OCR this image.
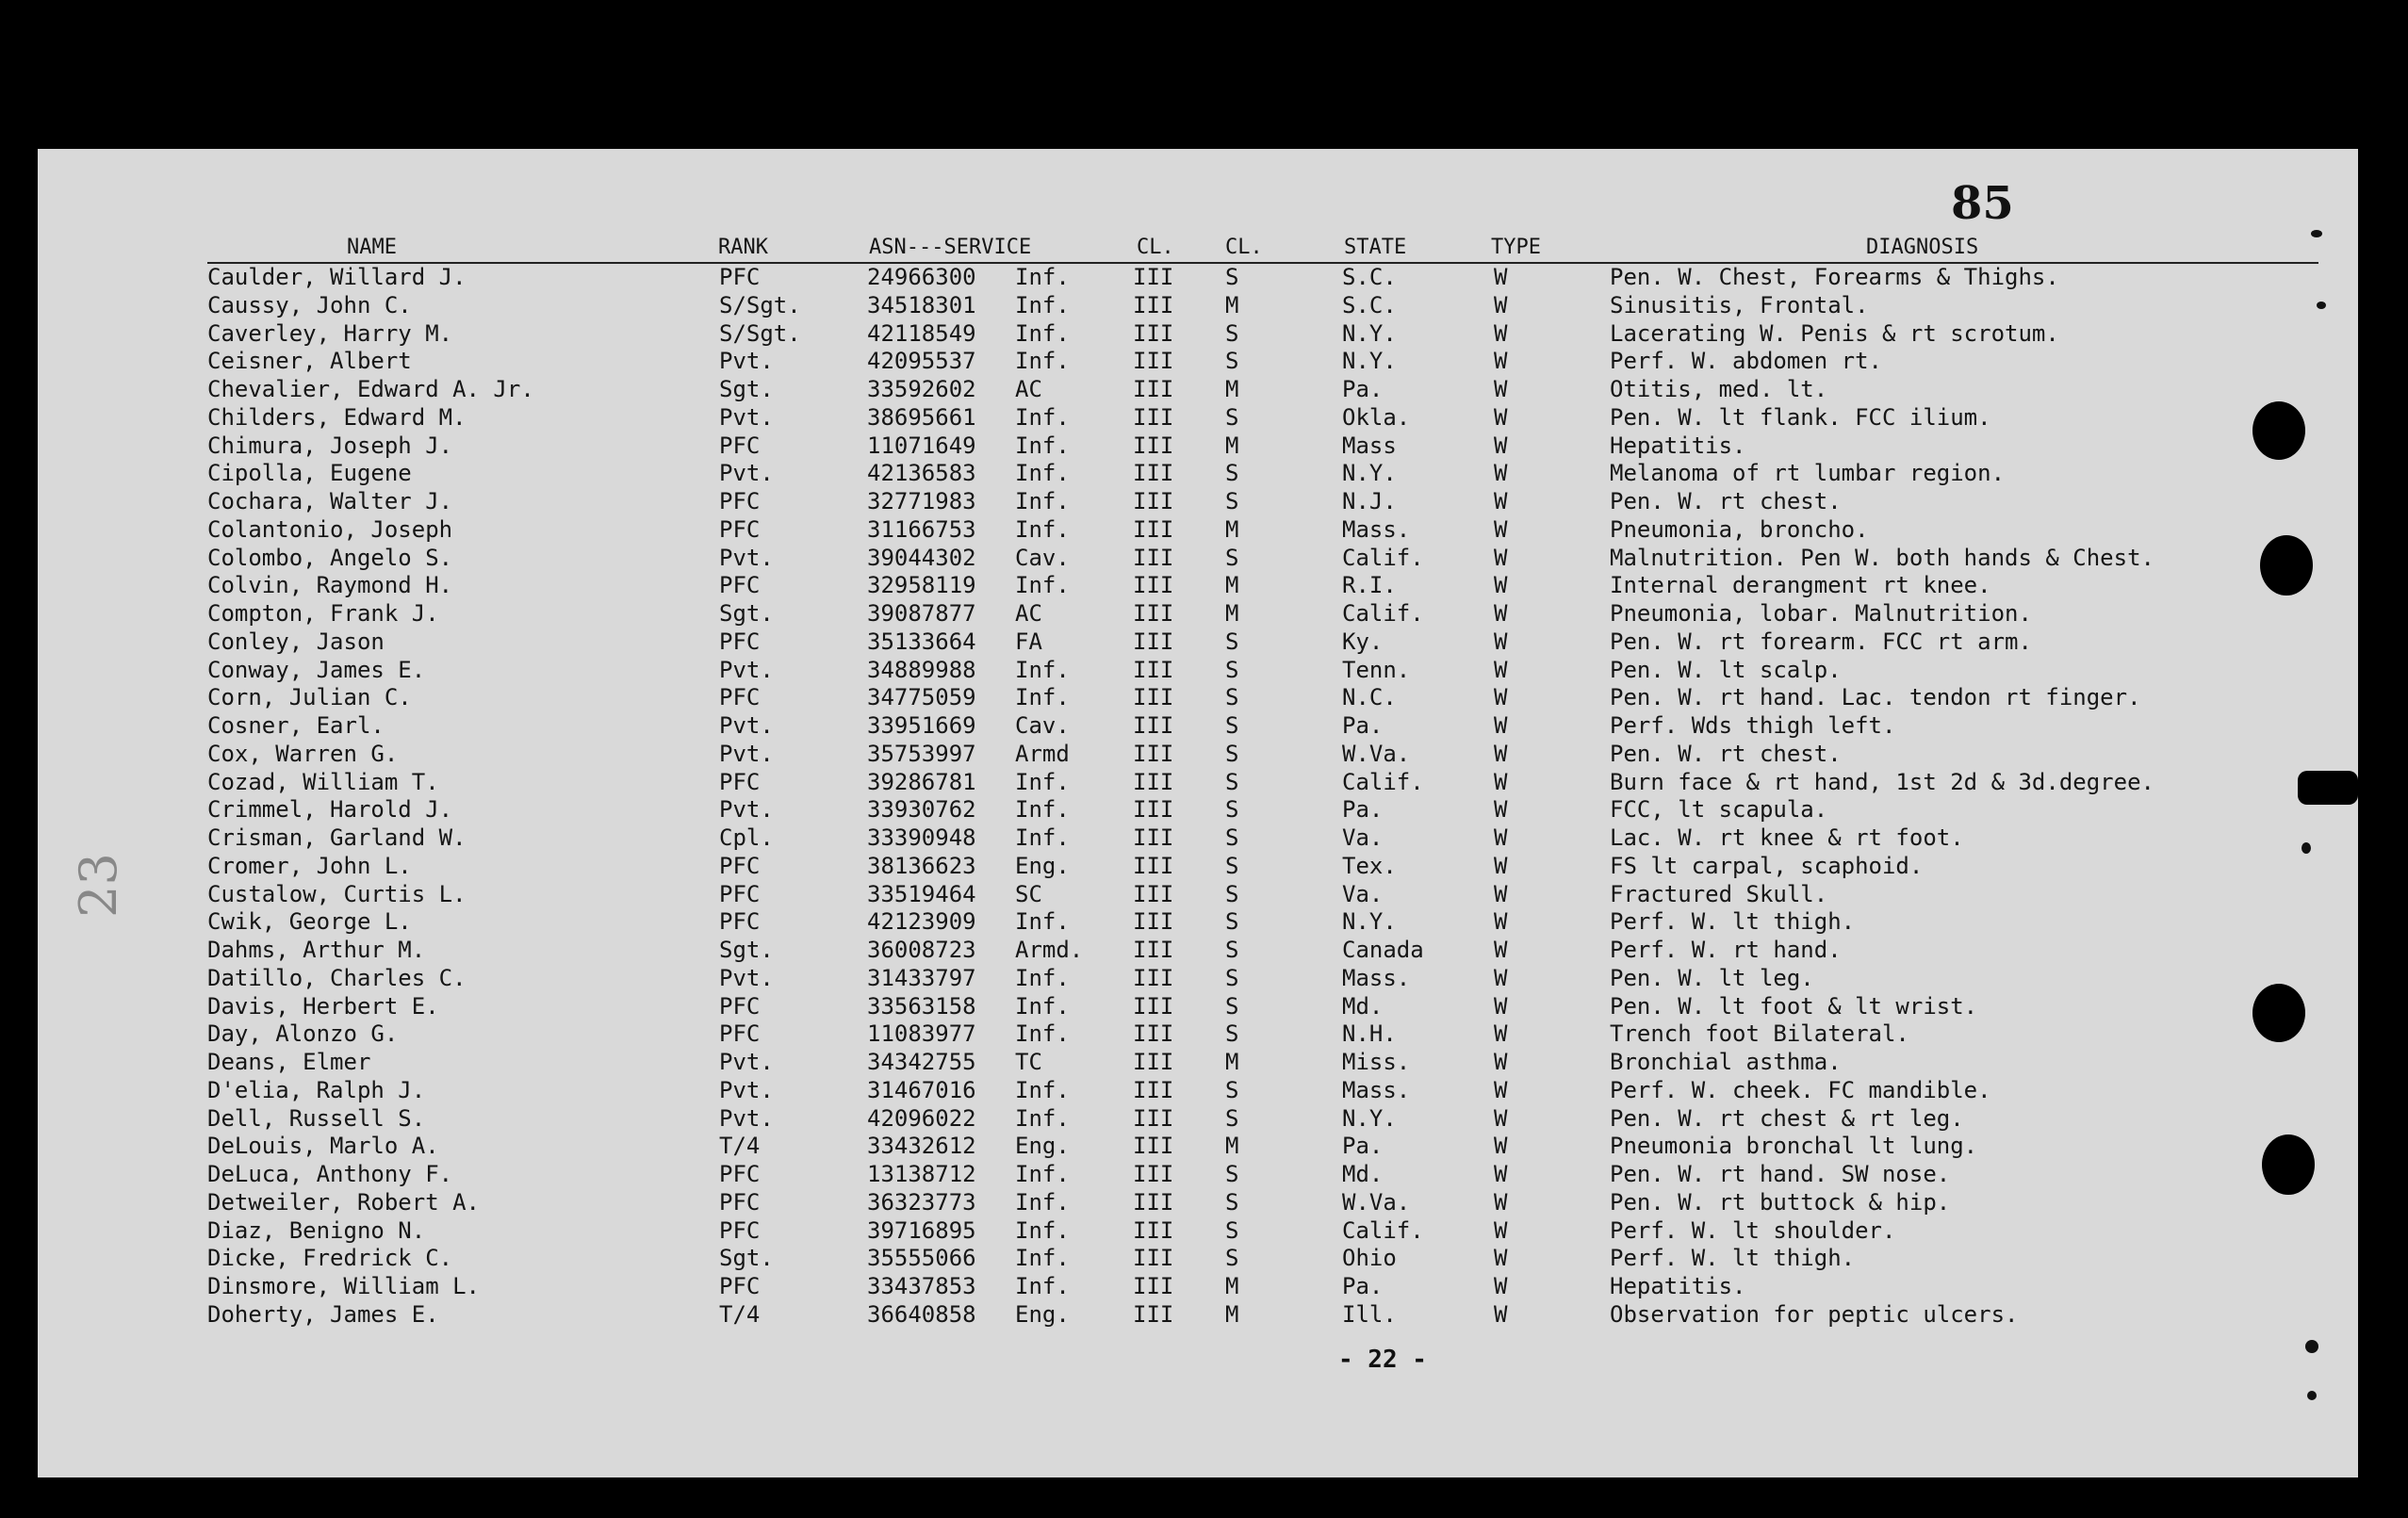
85
23
NAME	RANK	ASN---SERVICE	CL. CL.	STATE	TYPE	DIAGNOSIS
Caulder, Willard J.	PFC	24966300 Inf.	III S	S.C.	W	Pen. W. Chest, Forearms & Thighs.
Caussy, John C.	S/Sgt.	34518301 Inf.	III M	S.C.	W	Sinusitis, Frontal.
Caverley, Harry M.	S/Sgt.	42118549 Inf.	III S	N.Y.	W	Lacerating W. Penis & rt scrotum.
Ceisner, Albert	Pvt.	42095537 Inf.	III S	N.Y.	W	Perf. W. abdomen rt.
Chevalier, Edward A. Jr.	Sgt.	33592602 AC	III M	Pa.	W	Otitis, med. lt.
Childers, Edward M.	Pvt.	38695661 Inf.	III S	Okla.	W	Pen. W. lt flank. FCC ilium.
Chimura, Joseph J.	PFC	11071649 Inf.	III M	Mass	W	Hepatitis.
Cipolla, Eugene	Pvt.	42136583 Inf.	III S	N.Y.	W	Melanoma of rt lumbar region.
Cochara, Walter J.	PFC	32771983 Inf.	III S	N.J.	W	Pen. W. rt chest.
Colantonio, Joseph	PFC	31166753 Inf.	III M	Mass.	W	Pneumonia, broncho.
Colombo, Angelo S.	Pvt.	39044302 Cav.	III S	Calif.	W	Malnutrition. Pen W. both hands & Chest.
Colvin, Raymond H.	PFC	32958119 Inf.	III M	R.I.	W	Internal derangment rt knee.
Compton, Frank J.	Sgt.	39087877 AC	III M	Calif.	W	Pneumonia, lobar. Malnutrition.
Conley, Jason	PFC	35133664 FA	III S	Ky.	W	Pen. W. rt forearm. FCC rt arm.
Conway, James E.	Pvt.	34889988 Inf.	III S	Tenn.	W	Pen. W. lt scalp.
Corn, Julian C.	PFC	34775059 Inf.	III S	N.C.	W	Pen. W. rt hand. Lac. tendon rt finger.
Cosner, Earl.	Pvt.	33951669 Cav.	III S	Pa.	W	Perf. Wds thigh left.
Cox, Warren G.	Pvt.	35753997 Armd	III S	W.Va.	W	Pen. W. rt chest.
Cozad, William T.	PFC	39286781 Inf.	III S	Calif.	W	Burn face & rt hand, 1st 2d & 3d.degree.
Crimmel, Harold J.	Pvt.	33930762 Inf.	III S	Pa.	W	FCC, lt scapula.
Crisman, Garland W.	Cpl.	33390948 Inf.	III S	Va.	W	Lac. W. rt knee & rt foot.
Cromer, John L.	PFC	38136623 Eng.	III S	Tex.	W	FS lt carpal, scaphoid.
Custalow, Curtis L.	PFC	33519464 SC	III S	Va.	W	Fractured Skull.
Cwik, George L.	PFC	42123909 Inf.	III S	N.Y.	W	Perf. W. lt thigh.
Dahms, Arthur M.	Sgt.	36008723 Armd. III S	Canada	W	Perf. W. rt hand.
Datillo, Charles C.	Pvt.	31433797 Inf.	III S	Mass.	W	Pen. W. lt leg.
Davis, Herbert E.	PFC	33563158 Inf.	III S	Md.	W	Pen. W. lt foot & lt wrist.
Day, Alonzo G.	PFC	11083977 Inf.	III S	N.H.	W	Trench foot Bilateral.
Deans, Elmer	Pvt.	34342755 TC	III M	Miss.	W	Bronchial asthma.
D'elia, Ralph J.	Pvt.	31467016 Inf.	III S	Mass.	W	Perf. W. cheek. FC mandible.
Dell, Russell S.	Pvt.	42096022 Inf.	III S	N.Y.	W	Pen. W. rt chest & rt leg.
DeLouis, Marlo A.	T/4	33432612 Eng.	III M	Pa.	W	Pneumonia bronchal lt lung.
DeLuca, Anthony F.	PFC	13138712 Inf.	III S	Md.	W	Pen. W. rt hand. SW nose.
Detweiler, Robert A.	PFC	36323773 Inf.	III S	W.Va.	W	Pen. W. rt buttock & hip.
Diaz, Benigno N.	PFC	39716895 Inf.	III S	Calif.	W	Perf. W. lt shoulder.
Dicke, Fredrick C.	Sgt.	35555066 Inf.	III S	Ohio	W	Perf. W. lt thigh.
Dinsmore, William L.	PFC	33437853 Inf.	III M	Pa.	W	Hepatitis.
Doherty, James E.	T/4	36640858 Eng.	III M	Ill.	W	Observation for peptic ulcers.
- 22 -
